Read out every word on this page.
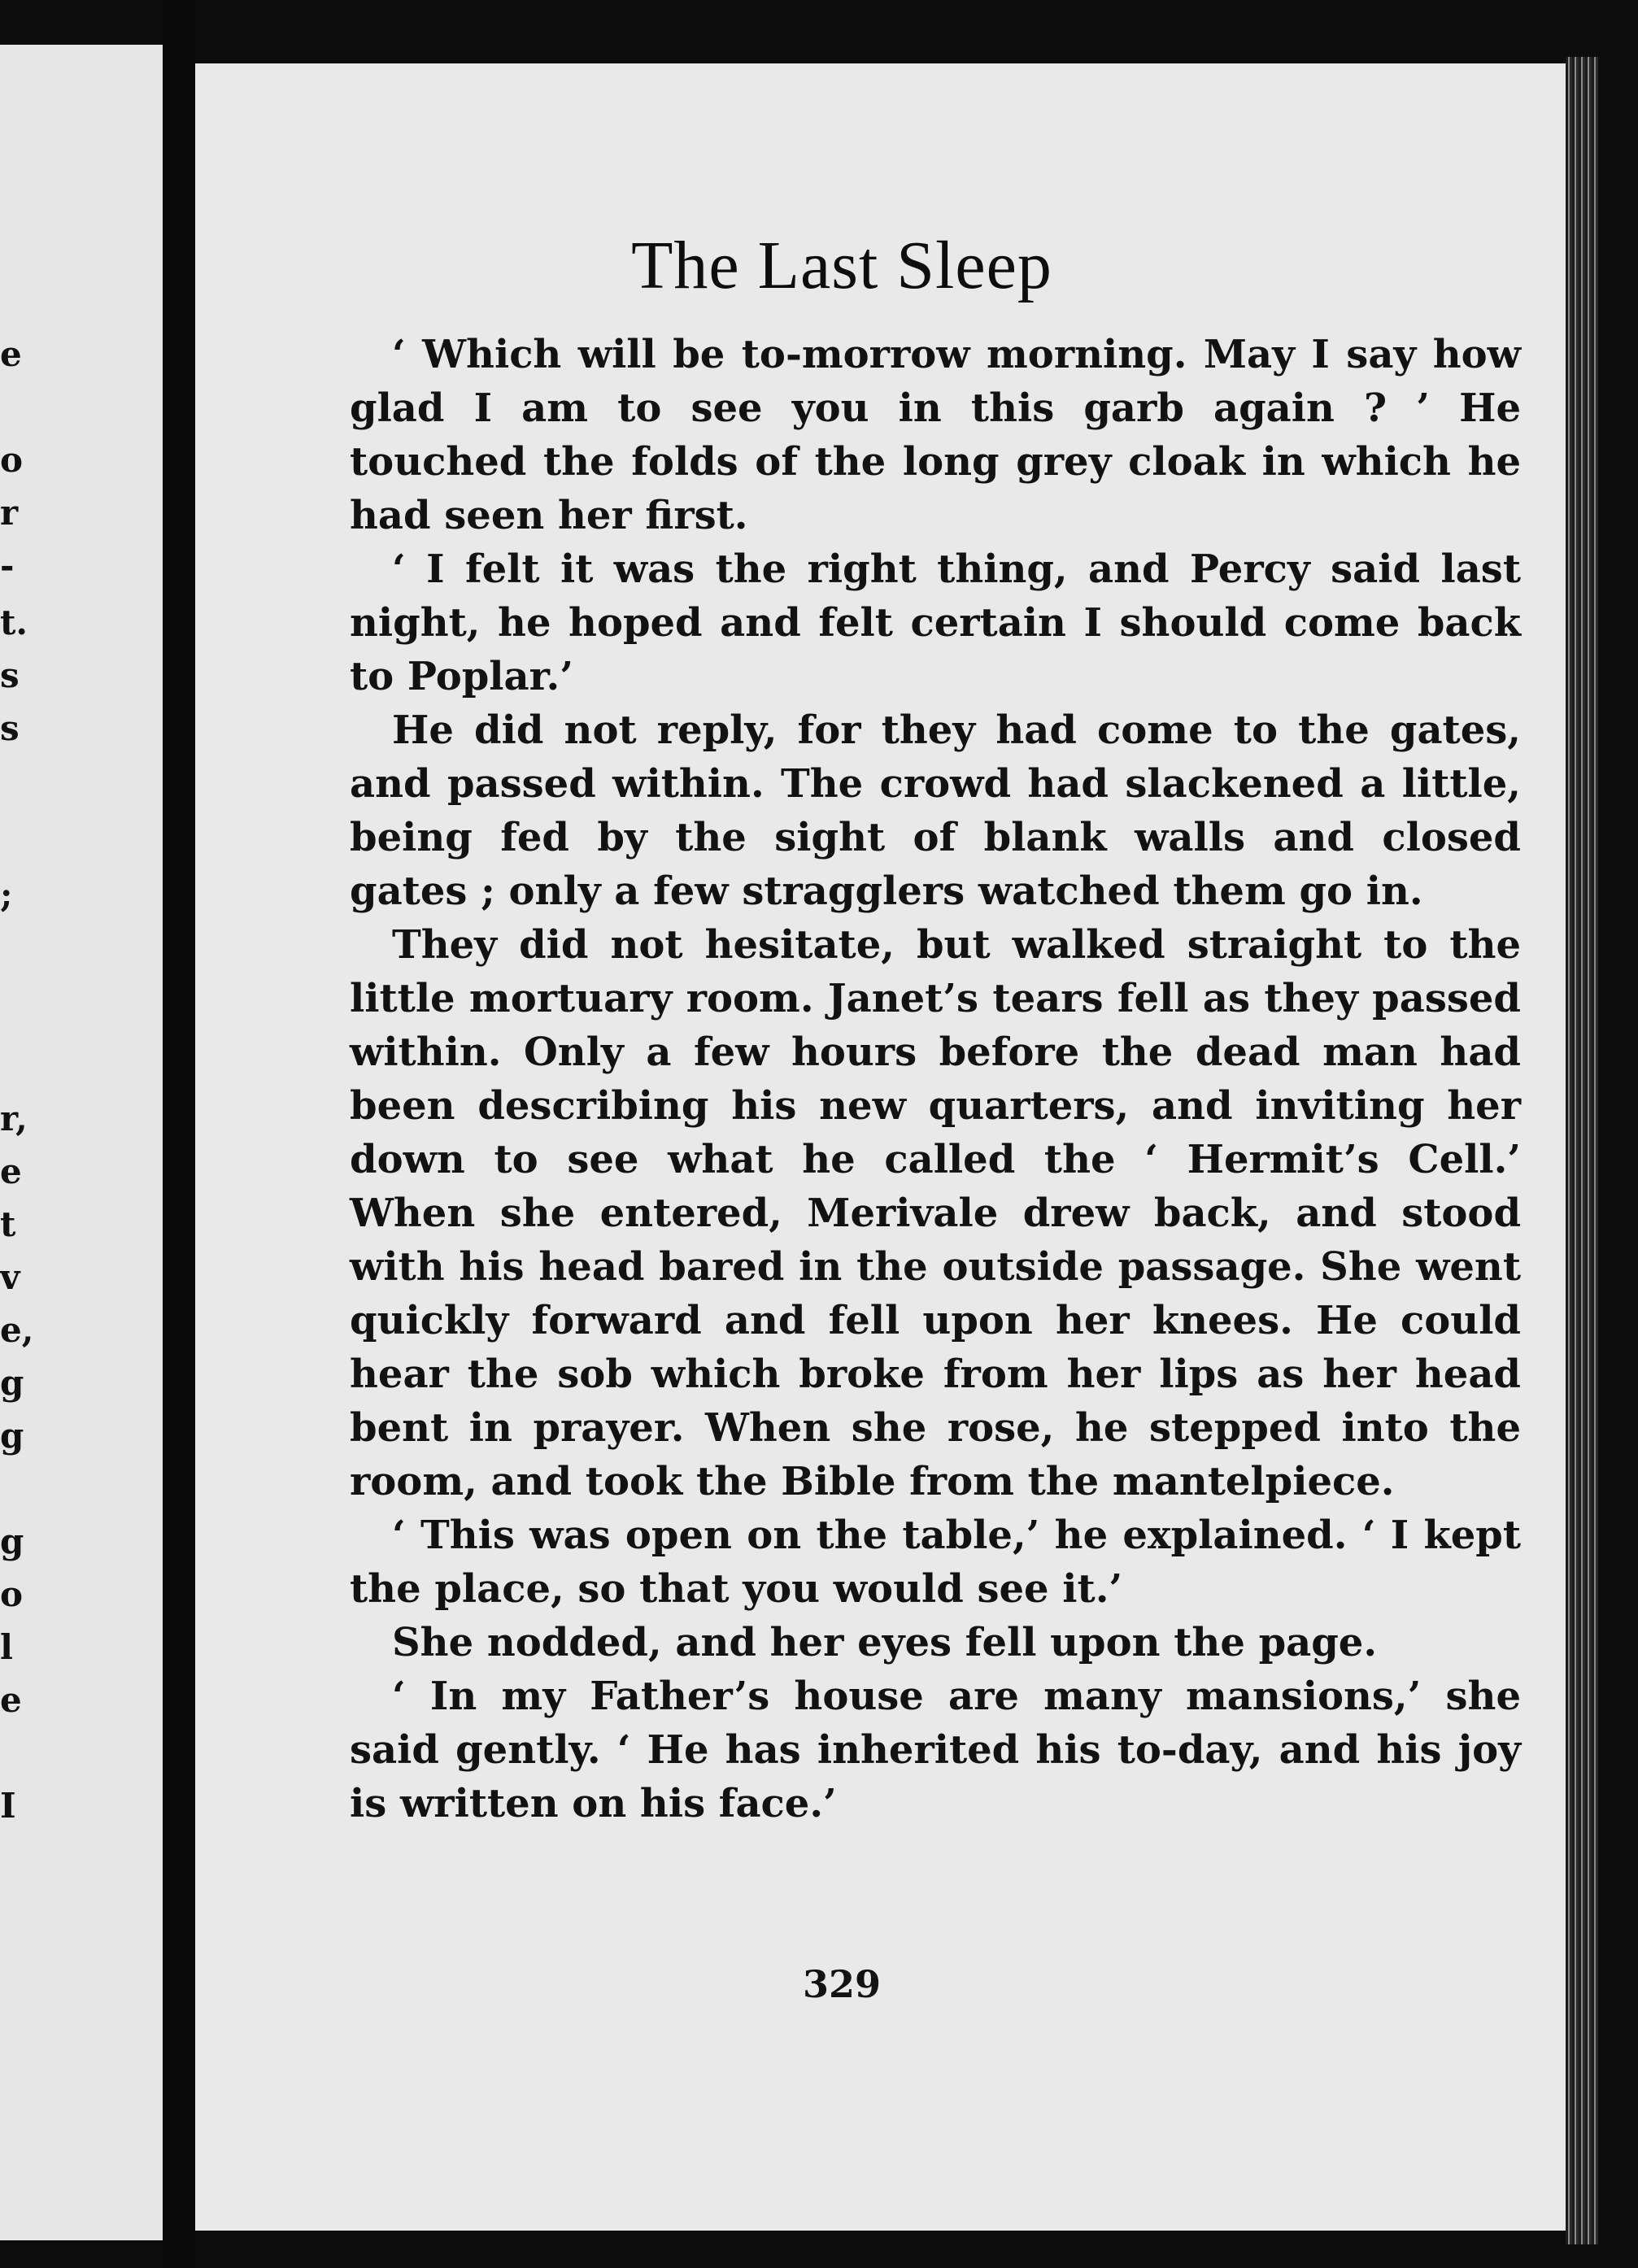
e
o
r
-
t.
s
s
;
r,
e
t
v
e,
g
g
g
o
l
e
I
The Last Sleep

‘ Which will be to-morrow morning. May I say how glad I am to see you in this garb again ? ’ He touched the folds of the long grey cloak in which he had seen her first.

‘ I felt it was the right thing, and Percy said last night, he hoped and felt certain I should come back to Poplar.’

He did not reply, for they had come to the gates, and passed within. The crowd had slackened a little, being fed by the sight of blank walls and closed gates ; only a few stragglers watched them go in.

They did not hesitate, but walked straight to the little mortuary room. Janet’s tears fell as they passed within. Only a few hours before the dead man had been describing his new quarters, and inviting her down to see what he called the ‘ Hermit’s Cell.’ When she entered, Merivale drew back, and stood with his head bared in the outside passage. She went quickly forward and fell upon her knees. He could hear the sob which broke from her lips as her head bent in prayer. When she rose, he stepped into the room, and took the Bible from the mantelpiece.

‘ This was open on the table,’ he explained. ‘ I kept the place, so that you would see it.’

She nodded, and her eyes fell upon the page.

‘ In my Father’s house are many mansions,’ she said gently. ‘ He has inherited his to-day, and his joy is written on his face.’

329
